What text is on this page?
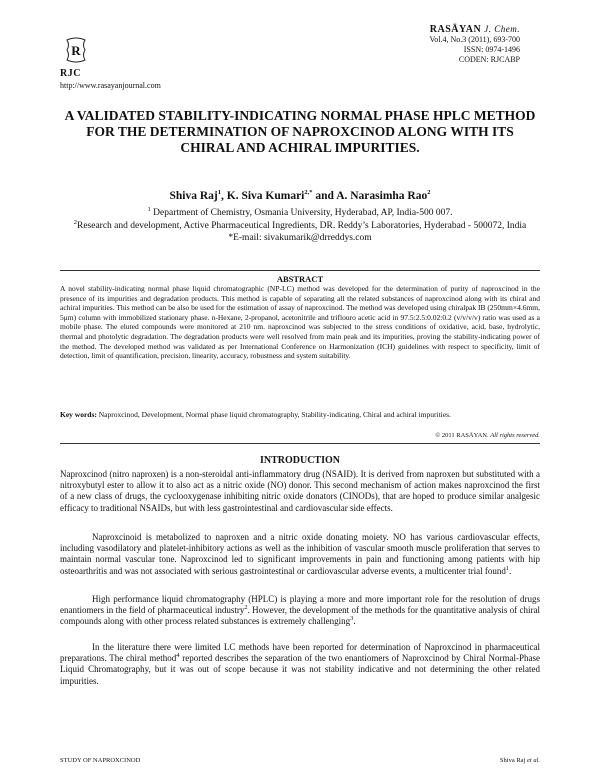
R
RJC
http://www.rasayanjournal.com
RASĀYAN J. Chem.
Vol.4, No.3 (2011), 693-700
ISSN: 0974-1496
CODEN: RJCABP
A VALIDATED STABILITY-INDICATING NORMAL PHASE HPLC METHOD FOR THE DETERMINATION OF NAPROXCINOD ALONG WITH ITS CHIRAL AND ACHIRAL IMPURITIES.
Shiva Raj$^1$, K. Siva Kumari$^{2,*}$ and A. Narasimha Rao$^2$

$^1$ Department of Chemistry, Osmania University, Hyderabad, AP, India-500 007.

$^2$Research and development, Active Pharmaceutical Ingredients, DR. Reddy’s Laboratories, Hyderabad - 500072, India

*E-mail: sivakumarik@drreddys.com

ABSTRACT

A novel stability-indicating normal phase liquid chromatographic (NP-LC) method was developed for the determination of purity of naproxcinod in the presence of its impurities and degradation products. This method is capable of separating all the related substances of naproxcinod along with its chiral and achiral impurities. This method can be also be used for the estimation of assay of naproxcinod. The method was developed using chiralpak IB (250mm×4.6mm, 5μm) column with immobilized stationary phase. n-Hexane, 2-propanol, acetonitrile and triflouro acetic acid in 97.5:2.5:0.02:0.2 (v/v/v/v) ratio was used as a mobile phase. The eluted compounds were monitored at 210 nm. naproxcinod was subjected to the stress conditions of oxidative, acid, base, hydrolytic, thermal and photolytic degradation. The degradation products were well resolved from main peak and its impurities, proving the stability-indicating power of the method. The developed method was validated as per International Conference on Harmonization (ICH) guidelines with respect to specificity, limit of detection, limit of quantification, precision, linearity, accuracy, robustness and system suitability.

Key words: Naproxcinod, Development, Normal phase liquid chromatography, Stability-indicating, Chiral and achiral impurities.

© 2011 RASĀYAN. All rights reserved.
INTRODUCTION

Naproxcinod (nitro naproxen) is a non-steroidal anti-inflammatory drug (NSAID). It is derived from naproxen but substituted with a nitroxybutyl ester to allow it to also act as a nitric oxide (NO) donor. This second mechanism of action makes naproxcinod the first of a new class of drugs, the cyclooxygenase inhibiting nitric oxide donators (CINODs), that are hoped to produce similar analgesic efficacy to traditional NSAIDs, but with less gastrointestinal and cardiovascular side effects.

Naproxcinoid is metabolized to naproxen and a nitric oxide donating moiety. NO has various cardiovascular effects, including vasodilatory and platelet-inhibitory actions as well as the inhibition of vascular smooth muscle proliferation that serves to maintain normal vascular tone. Naproxcinod led to significant improvements in pain and functioning among patients with hip osteoarthritis and was not associated with serious gastrointestinal or cardiovascular adverse events, a multicenter trial found$^1$.

High performance liquid chromatography (HPLC) is playing a more and more important role for the resolution of drugs enantiomers in the field of pharmaceutical industry$^2$. However, the development of the methods for the quantitative analysis of chiral compounds along with other process related substances is extremely challenging$^3$.

In the literature there were limited LC methods have been reported for determination of Naproxcinod in pharmaceutical preparations. The chiral method$^4$ reported describes the separation of the two enantiomers of Naproxcinod by Chiral Normal-Phase Liquid Chromatography, but it was out of scope because it was not stability indicative and not determining the other related impurities.

STUDY OF NAPROXCINOD	Shiva Raj et al.
